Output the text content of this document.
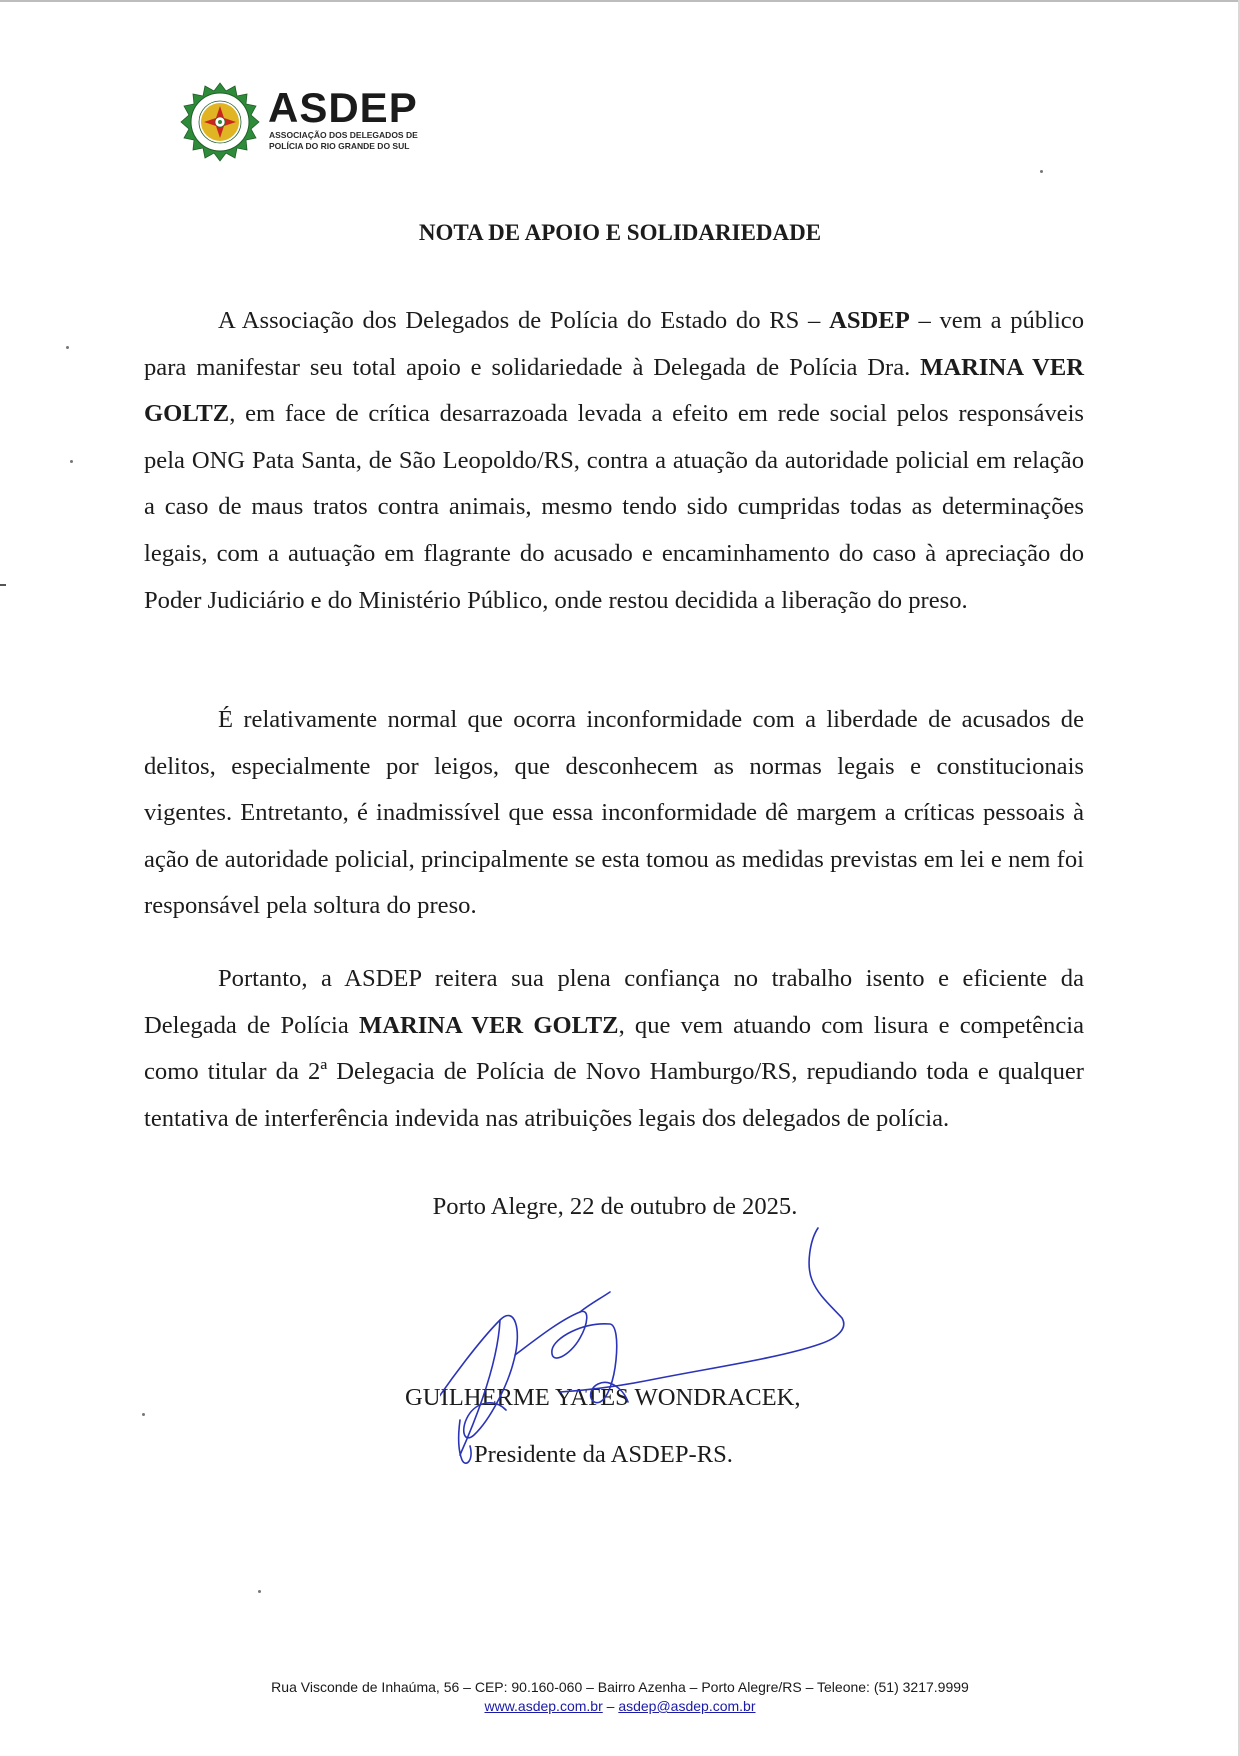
ASDEP
ASSOCIAÇÃO DOS DELEGADOS DE
POLÍCIA DO RIO GRANDE DO SUL
NOTA DE APOIO E SOLIDARIEDADE

A Associação dos Delegados de Polícia do Estado do RS – ASDEP – vem a público para manifestar seu total apoio e solidariedade à Delegada de Polícia Dra. MARINA VER GOLTZ, em face de crítica desarrazoada levada a efeito em rede social pelos responsáveis pela ONG Pata Santa, de São Leopoldo/RS, contra a atuação da autoridade policial em relação a caso de maus tratos contra animais, mesmo tendo sido cumpridas todas as determinações legais, com a autuação em flagrante do acusado e encaminhamento do caso à apreciação do Poder Judiciário e do Ministério Público, onde restou decidida a liberação do preso.

É relativamente normal que ocorra inconformidade com a liberdade de acusados de delitos, especialmente por leigos, que desconhecem as normas legais e constitucionais vigentes. Entretanto, é inadmissível que essa inconformidade dê margem a críticas pessoais à ação de autoridade policial, principalmente se esta tomou as medidas previstas em lei e nem foi responsável pela soltura do preso.

Portanto, a ASDEP reitera sua plena confiança no trabalho isento e eficiente da Delegada de Polícia MARINA VER GOLTZ, que vem atuando com lisura e competência como titular da 2ª Delegacia de Polícia de Novo Hamburgo/RS, repudiando toda e qualquer tentativa de interferência indevida nas atribuições legais dos delegados de polícia.

Porto Alegre, 22 de outubro de 2025.
GUILHERME YATES WONDRACEK,
Presidente da ASDEP-RS.
Rua Visconde de Inhaúma, 56 – CEP: 90.160-060 – Bairro Azenha – Porto Alegre/RS – Teleone: (51) 3217.9999
www.asdep.com.br – asdep@asdep.com.br
